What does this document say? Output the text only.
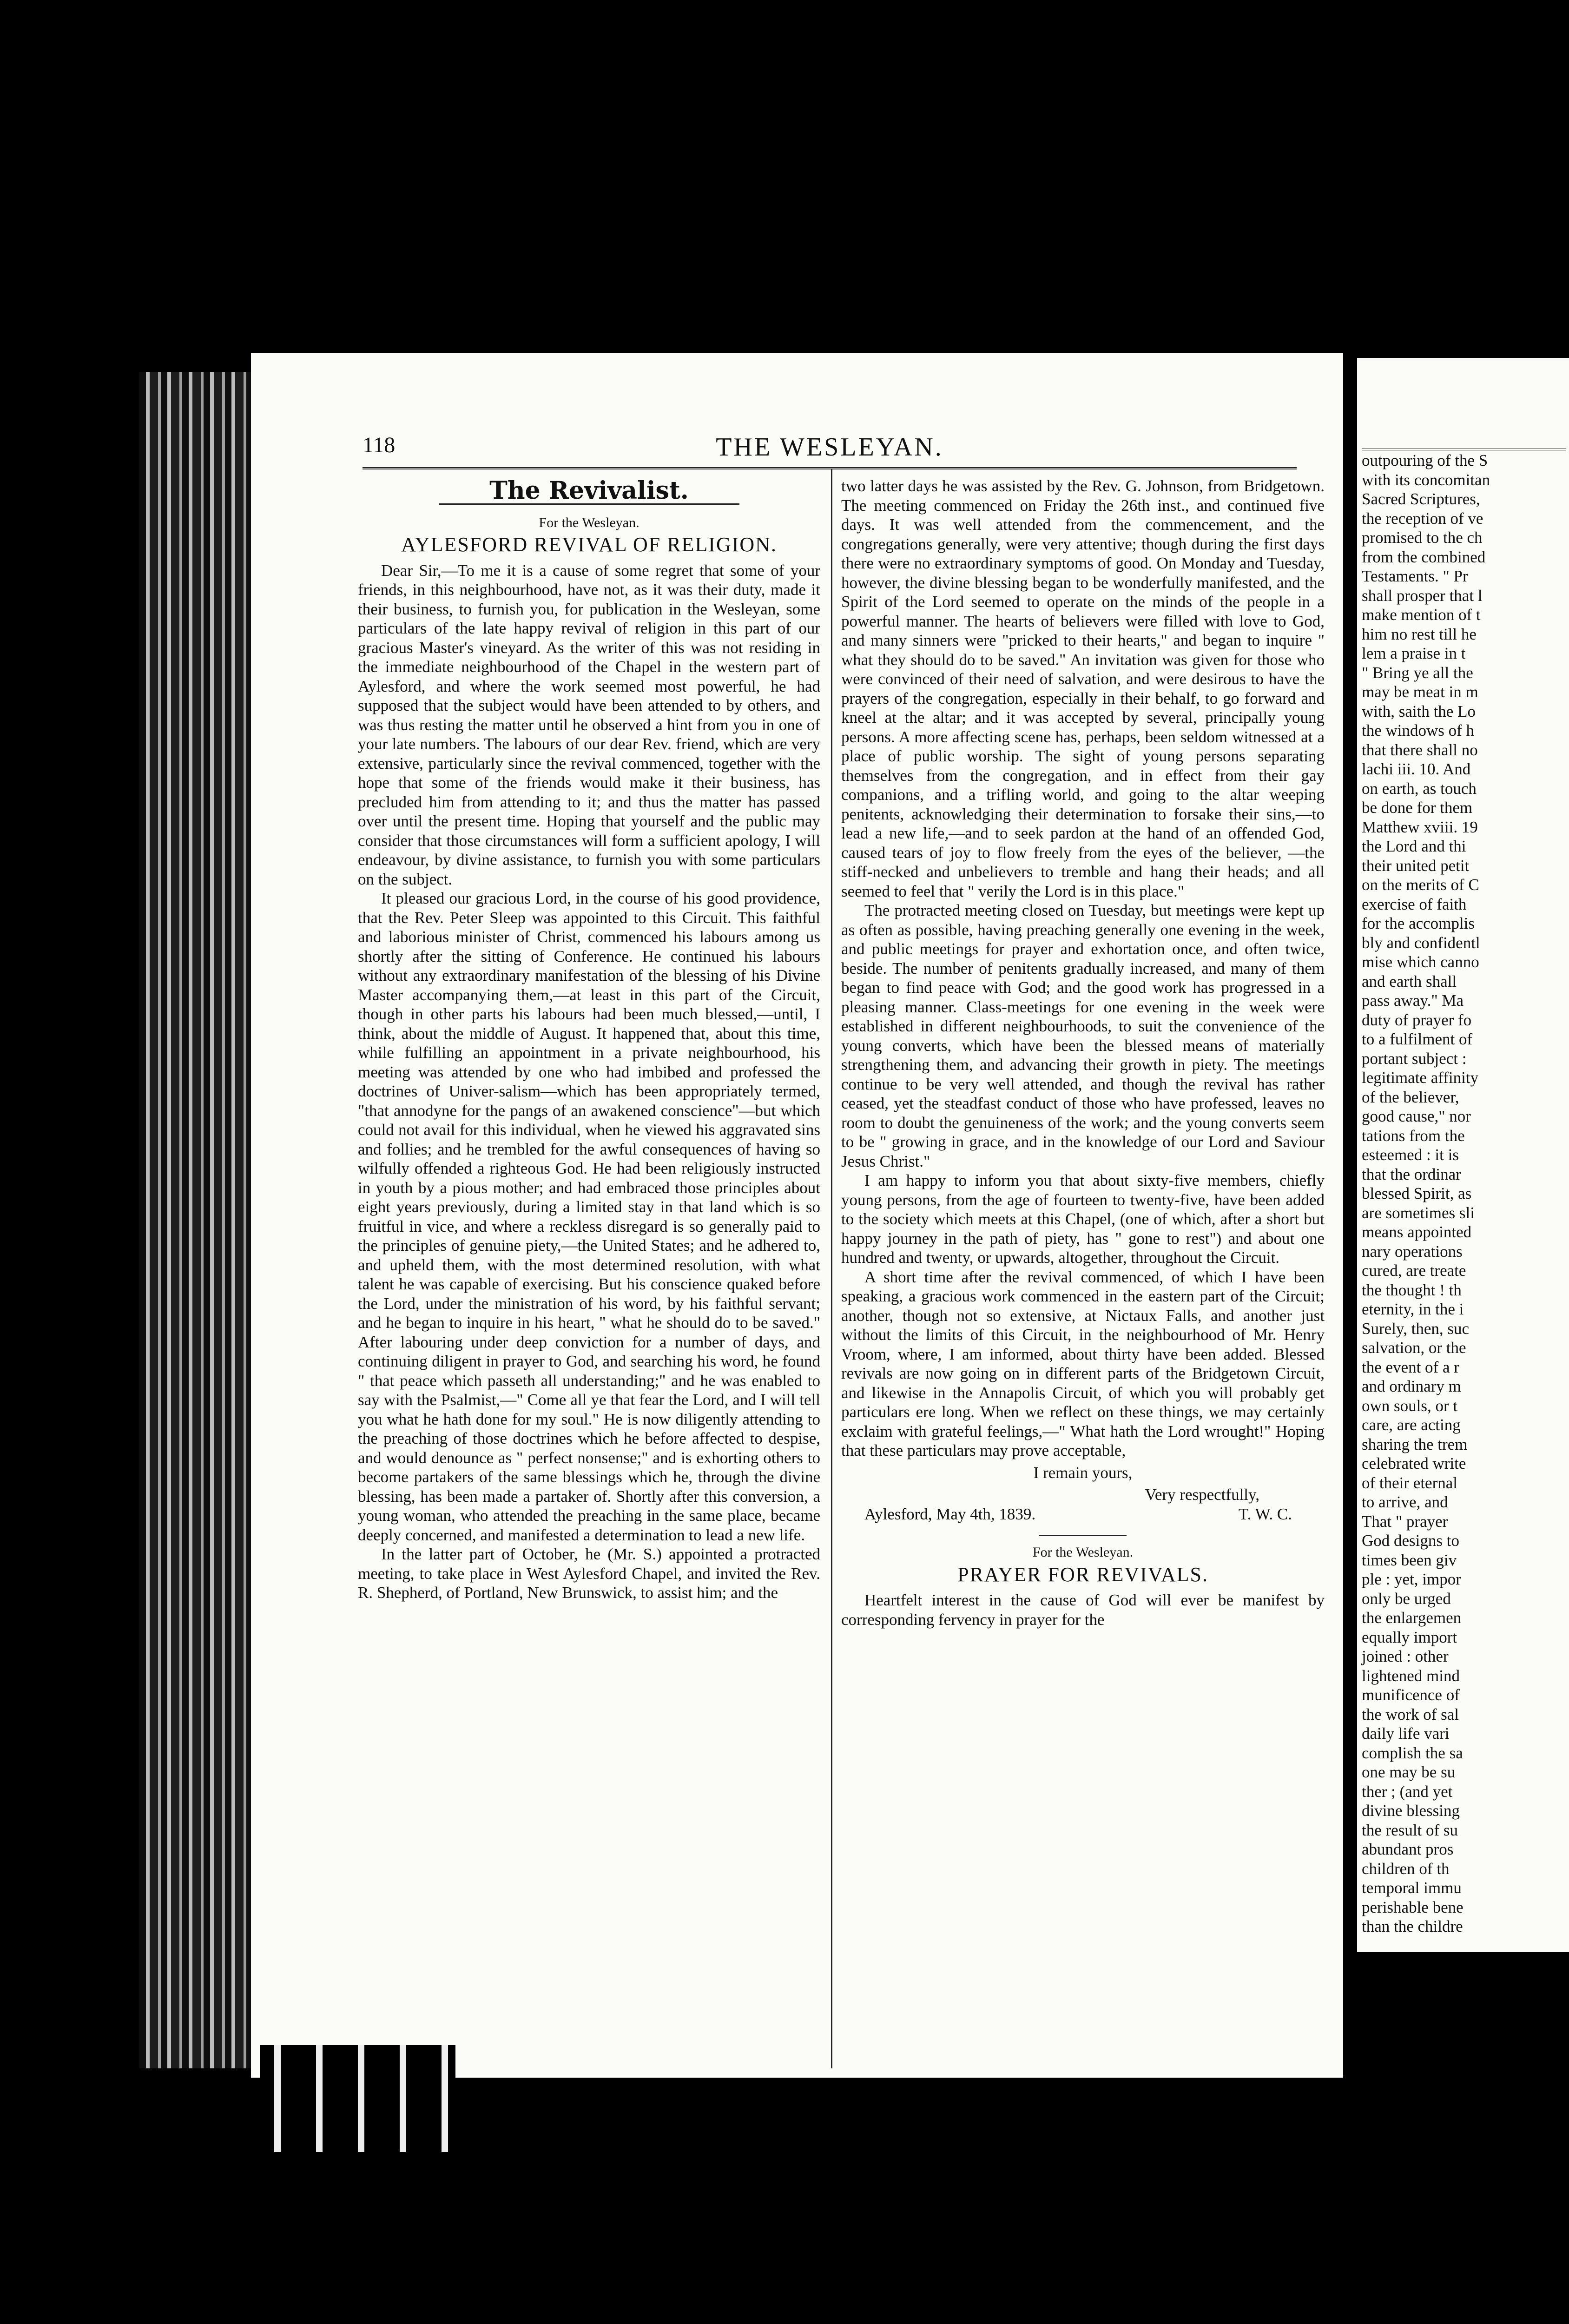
118	THE WESLEYAN.
The Revivalist.
For the Wesleyan.
AYLESFORD REVIVAL OF RELIGION.

Dear Sir,—To me it is a cause of some regret that some of your friends, in this neighbourhood, have not, as it was their duty, made it their business, to furnish you, for publication in the Wesleyan, some particulars of the late happy revival of religion in this part of our gracious Master's vineyard. As the writer of this was not residing in the immediate neighbourhood of the Chapel in the western part of Aylesford, and where the work seemed most powerful, he had supposed that the subject would have been attended to by others, and was thus resting the matter until he observed a hint from you in one of your late numbers. The labours of our dear Rev. friend, which are very extensive, particularly since the revival commenced, together with the hope that some of the friends would make it their business, has precluded him from attending to it; and thus the matter has passed over until the present time. Hoping that yourself and the public may consider that those circumstances will form a sufficient apology, I will endeavour, by divine assistance, to furnish you with some particulars on the subject.

It pleased our gracious Lord, in the course of his good providence, that the Rev. Peter Sleep was appointed to this Circuit. This faithful and laborious minister of Christ, commenced his labours among us shortly after the sitting of Conference. He continued his labours without any extraordinary manifestation of the blessing of his Divine Master accompanying them,—at least in this part of the Circuit, though in other parts his labours had been much blessed,—until, I think, about the middle of August. It happened that, about this time, while fulfilling an appointment in a private neighbourhood, his meeting was attended by one who had imbibed and professed the doctrines of Univer-salism—which has been appropriately termed, "that annodyne for the pangs of an awakened conscience"—but which could not avail for this individual, when he viewed his aggravated sins and follies; and he trembled for the awful consequences of having so wilfully offended a righteous God. He had been religiously instructed in youth by a pious mother; and had embraced those principles about eight years previously, during a limited stay in that land which is so fruitful in vice, and where a reckless disregard is so generally paid to the principles of genuine piety,—the United States; and he adhered to, and upheld them, with the most determined resolution, with what talent he was capable of exercising. But his conscience quaked before the Lord, under the ministration of his word, by his faithful servant; and he began to inquire in his heart, " what he should do to be saved." After labouring under deep conviction for a number of days, and continuing diligent in prayer to God, and searching his word, he found " that peace which passeth all understanding;" and he was enabled to say with the Psalmist,—" Come all ye that fear the Lord, and I will tell you what he hath done for my soul." He is now diligently attending to the preaching of those doctrines which he before affected to despise, and would denounce as " perfect nonsense;" and is exhorting others to become partakers of the same blessings which he, through the divine blessing, has been made a partaker of. Shortly after this conversion, a young woman, who attended the preaching in the same place, became deeply concerned, and manifested a determination to lead a new life.

In the latter part of October, he (Mr. S.) appointed a protracted meeting, to take place in West Aylesford Chapel, and invited the Rev. R. Shepherd, of Portland, New Brunswick, to assist him; and the

two latter days he was assisted by the Rev. G. Johnson, from Bridgetown. The meeting commenced on Friday the 26th inst., and continued five days. It was well attended from the commencement, and the congregations generally, were very attentive; though during the first days there were no extraordinary symptoms of good. On Monday and Tuesday, however, the divine blessing began to be wonderfully manifested, and the Spirit of the Lord seemed to operate on the minds of the people in a powerful manner. The hearts of believers were filled with love to God, and many sinners were "pricked to their hearts," and began to inquire " what they should do to be saved." An invitation was given for those who were convinced of their need of salvation, and were desirous to have the prayers of the congregation, especially in their behalf, to go forward and kneel at the altar; and it was accepted by several, principally young persons. A more affecting scene has, perhaps, been seldom witnessed at a place of public worship. The sight of young persons separating themselves from the congregation, and in effect from their gay companions, and a trifling world, and going to the altar weeping penitents, acknowledging their determination to forsake their sins,—to lead a new life,—and to seek pardon at the hand of an offended God, caused tears of joy to flow freely from the eyes of the believer, —the stiff-necked and unbelievers to tremble and hang their heads; and all seemed to feel that " verily the Lord is in this place."

The protracted meeting closed on Tuesday, but meetings were kept up as often as possible, having preaching generally one evening in the week, and public meetings for prayer and exhortation once, and often twice, beside. The number of penitents gradually increased, and many of them began to find peace with God; and the good work has progressed in a pleasing manner. Class-meetings for one evening in the week were established in different neighbourhoods, to suit the convenience of the young converts, which have been the blessed means of materially strengthening them, and advancing their growth in piety. The meetings continue to be very well attended, and though the revival has rather ceased, yet the steadfast conduct of those who have professed, leaves no room to doubt the genuineness of the work; and the young converts seem to be " growing in grace, and in the knowledge of our Lord and Saviour Jesus Christ."

I am happy to inform you that about sixty-five members, chiefly young persons, from the age of fourteen to twenty-five, have been added to the society which meets at this Chapel, (one of which, after a short but happy journey in the path of piety, has " gone to rest") and about one hundred and twenty, or upwards, altogether, throughout the Circuit.

A short time after the revival commenced, of which I have been speaking, a gracious work commenced in the eastern part of the Circuit; another, though not so extensive, at Nictaux Falls, and another just without the limits of this Circuit, in the neighbourhood of Mr. Henry Vroom, where, I am informed, about thirty have been added. Blessed revivals are now going on in different parts of the Bridgetown Circuit, and likewise in the Annapolis Circuit, of which you will probably get particulars ere long. When we reflect on these things, we may certainly exclaim with grateful feelings,—" What hath the Lord wrought!" Hoping that these particulars may prove acceptable,

I remain yours,
Very respectfully,
Aylesford, May 4th, 1839.	T. W. C.
For the Wesleyan.
PRAYER FOR REVIVALS.

Heartfelt interest in the cause of God will ever be manifest by corresponding fervency in prayer for the

outpouring of the S
with its concomitan
Sacred Scriptures,
the reception of ve
promised to the ch
from the combined
Testaments. " Pr
shall prosper that l
make mention of t
him no rest till he
lem a praise in t
" Bring ye all the
may be meat in m
with, saith the Lo
the windows of h
that there shall no
lachi iii. 10. And
on earth, as touch
be done for them
Matthew xviii. 19
the Lord and thi
their united petit
on the merits of C
exercise of faith
for the accomplis
bly and confidentl
mise which canno
and earth shall
pass away." Ma
duty of prayer fo
to a fulfilment of
portant subject :
legitimate affinity
of the believer,
good cause," nor
tations from the
esteemed : it is
that the ordinar
blessed Spirit, as
are sometimes sli
means appointed
nary operations
cured, are treate
the thought ! th
eternity, in the i
Surely, then, suc
salvation, or the
the event of a r
and ordinary m
own souls, or t
care, are acting
sharing the trem
celebrated write
of their eternal
to arrive, and
That " prayer
God designs to
times been giv
ple : yet, impor
only be urged
the enlargemen
equally import
joined : other
lightened mind
munificence of
the work of sal
daily life vari
complish the sa
one may be su
ther ; (and yet
divine blessing
the result of su
abundant pros
children of th
temporal immu
perishable bene
than the childre
